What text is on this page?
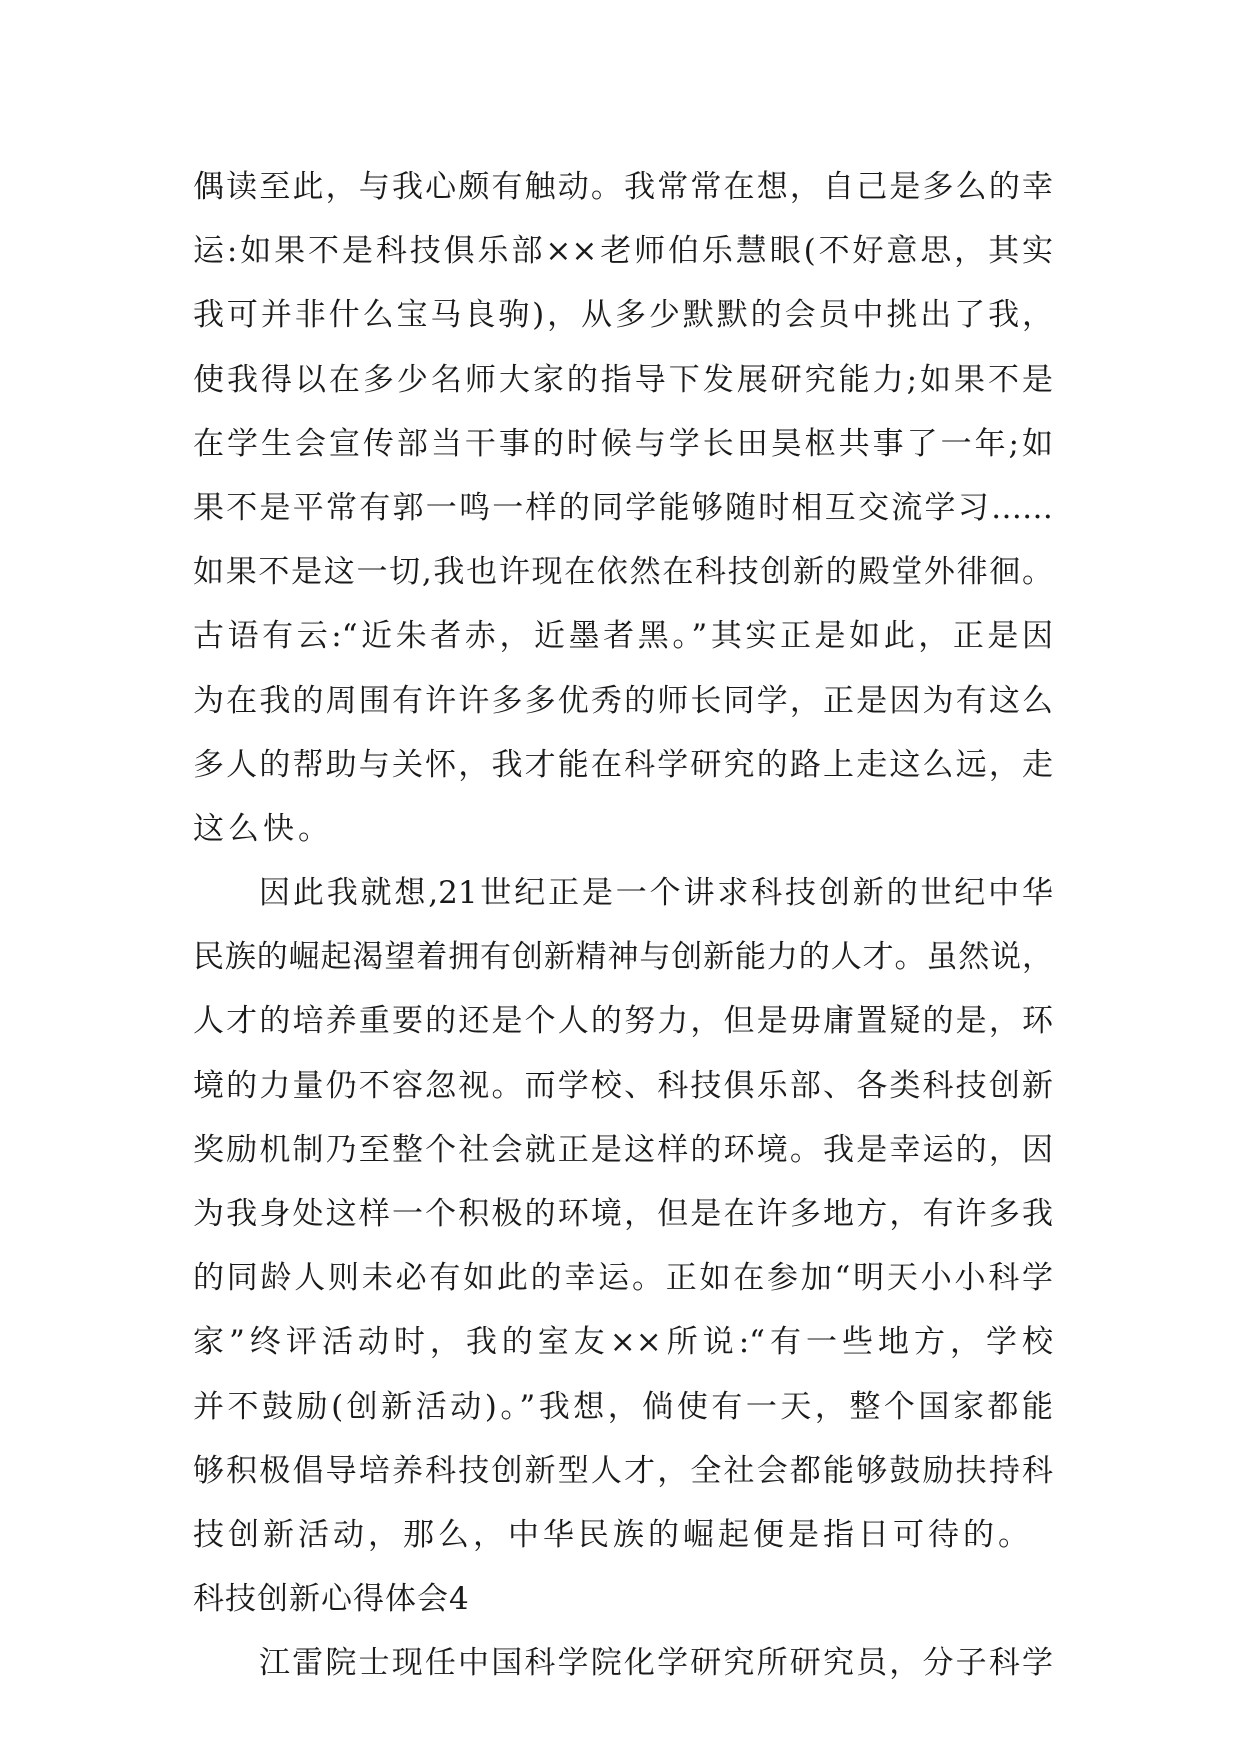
偶读至此，与我心颇有触动。我常常在想，自己是多么的幸
运:如果不是科技俱乐部××老师伯乐慧眼(不好意思，其实
我可并非什么宝马良驹)，从多少默默的会员中挑出了我，
使我得以在多少名师大家的指导下发展研究能力;如果不是
在学生会宣传部当干事的时候与学长田昊枢共事了一年;如
果不是平常有郭一鸣一样的同学能够随时相互交流学习……
如果不是这一切,我也许现在依然在科技创新的殿堂外徘徊。
古语有云:“近朱者赤，近墨者黑。”其实正是如此，正是因
为在我的周围有许许多多优秀的师长同学，正是因为有这么
多人的帮助与关怀，我才能在科学研究的路上走这么远，走
这么快。
因此我就想,21世纪正是一个讲求科技创新的世纪中华
民族的崛起渴望着拥有创新精神与创新能力的人才。虽然说，
人才的培养重要的还是个人的努力，但是毋庸置疑的是，环
境的力量仍不容忽视。而学校、科技俱乐部、各类科技创新
奖励机制乃至整个社会就正是这样的环境。我是幸运的，因
为我身处这样一个积极的环境，但是在许多地方，有许多我
的同龄人则未必有如此的幸运。正如在参加“明天小小科学
家”终评活动时，我的室友××所说:“有一些地方，学校
并不鼓励(创新活动)。”我想，倘使有一天，整个国家都能
够积极倡导培养科技创新型人才，全社会都能够鼓励扶持科
技创新活动，那么，中华民族的崛起便是指日可待的。
科技创新心得体会4
江雷院士现任中国科学院化学研究所研究员，分子科学
